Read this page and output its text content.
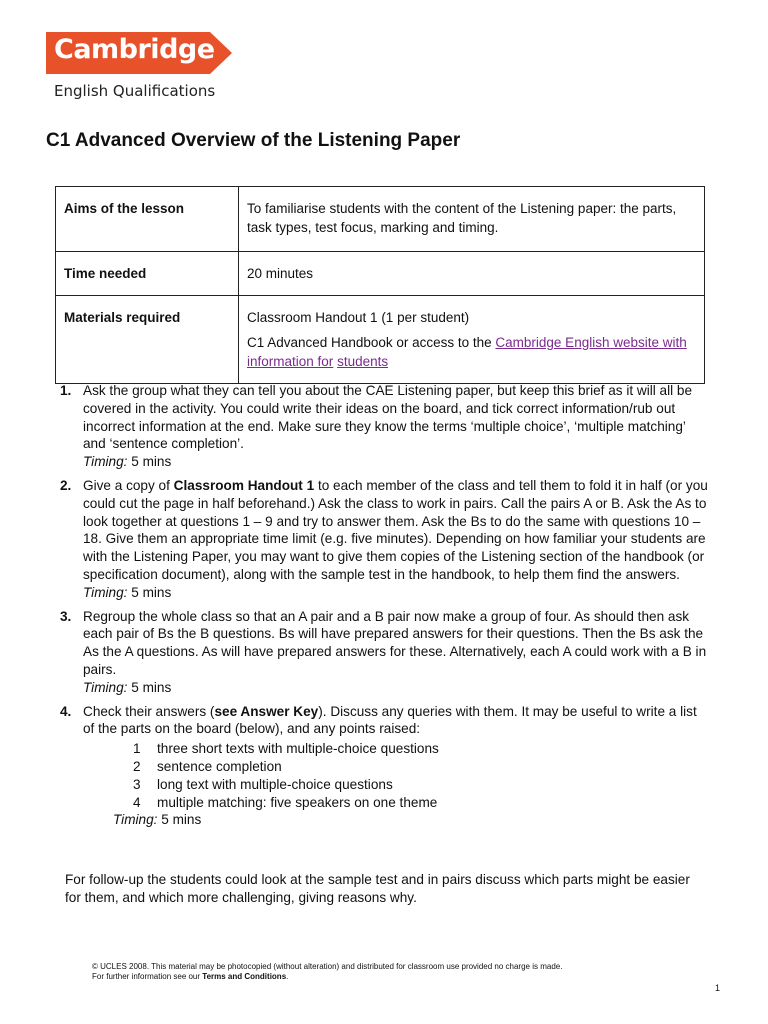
Cambridge
English Qualifications
C1 Advanced Overview of the Listening Paper
Aims of the lesson	To familiarise students with the content of the Listening paper: the parts, task types, test focus, marking and timing.
Time needed	20 minutes
Materials required	Classroom Handout 1 (1 per student)

C1 Advanced Handbook or access to the Cambridge English website with information for students

1. Ask the group what they can tell you about the CAE Listening paper, but keep this brief as it will all be covered in the activity. You could write their ideas on the board, and tick correct information/rub out incorrect information at the end. Make sure they know the terms ‘multiple choice’, ‘multiple matching’ and ‘sentence completion’.
Timing: 5 mins
2. Give a copy of Classroom Handout 1 to each member of the class and tell them to fold it in half (or you could cut the page in half beforehand.) Ask the class to work in pairs. Call the pairs A or B. Ask the As to look together at questions 1 – 9 and try to answer them. Ask the Bs to do the same with questions 10 – 18. Give them an appropriate time limit (e.g. five minutes). Depending on how familiar your students are with the Listening Paper, you may want to give them copies of the Listening section of the handbook (or specification document), along with the sample test in the handbook, to help them find the answers.
Timing: 5 mins
3. Regroup the whole class so that an A pair and a B pair now make a group of four. As should then ask each pair of Bs the B questions. Bs will have prepared answers for their questions. Then the Bs ask the As the A questions. As will have prepared answers for these. Alternatively, each A could work with a B in pairs.
Timing: 5 mins
4. Check their answers (see Answer Key). Discuss any queries with them. It may be useful to write a list of the parts on the board (below), and any points raised:
1 three short texts with multiple-choice questions
2 sentence completion
3 long text with multiple-choice questions
4 multiple matching: five speakers on one theme
Timing: 5 mins

For follow-up the students could look at the sample test and in pairs discuss which parts might be easier for them, and which more challenging, giving reasons why.

© UCLES 2008. This material may be photocopied (without alteration) and distributed for classroom use provided no charge is made.
For further information see our Terms and Conditions.
1
